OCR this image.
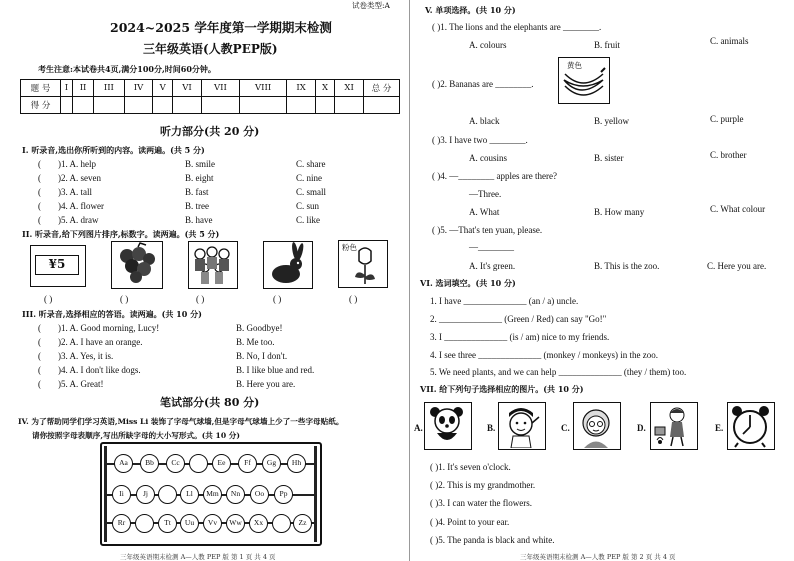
2024~2025 学年度第一学期期末检测
三年级英语(人教PEP版)
考生注意:本试卷共4页,满分100分,时间60分钟。
题 号	I	II	III	IV	V	VI	VII	VIII	IX	X	XI	总 分
得 分												
听力部分(共 20 分)
I. 听录音,选出你所听到的内容。读两遍。(共 5 分)
( )1. A. help	B. smile	C. share
( )2. A. seven	B. eight	C. nine
( )3. A. tall	B. fast	C. small
( )4. A. flower	B. tree	C. sun
( )5. A. draw	B. have	C. like
II. 听录音,给下列图片排序,标数字。读两遍。(共 5 分)
¥5
粉色
( )	( )	( )	( )	( )
III. 听录音,选择相应的答语。读两遍。(共 10 分)
( )1. A. Good morning, Lucy!	B. Goodbye!
( )2. A. I have an orange.	B. Me too.
( )3. A. Yes, it is.	B. No, I don't.
( )4. A. I don't like dogs.	B. I like blue and red.
( )5. A. Great!	B. Here you are.
笔试部分(共 80 分)
IV. 为了帮助同学们学习英语,Miss Li 装饰了字母气球墙,但是字母气球墙上少了一些字母贴纸。
请你按照字母表顺序,写出所缺字母的大小写形式。(共 10 分)
Aa	Bb	Cc	Ee	Ff	Gg	Hh
Ii	Jj	Ll	Mm	Nn	Oo	Pp
Rr	Tt	Uu	Vv	Ww	Xx	Zz
三年级英语期末检测 A—人教 PEP 版 第 1 页 共 4 页
试卷类型:A	V. 单项选择。(共 10 分)
( )1. The lions and the elephants are ________.
A. colours	B. fruit	C. animals
( )2. Bananas are ________.
黄色
A. black	B. yellow	C. purple
( )3. I have two ________.
A. cousins	B. sister	C. brother
( )4. —________ apples are there?
—Three.
A. What	B. How many	C. What colour
( )5. —That's ten yuan, please.
—________
A. It's green.	B. This is the zoo.	C. Here you are.
VI. 选词填空。(共 10 分)
1. I have ______________ (an / a) uncle.
2. ______________ (Green / Red) can say "Go!"
3. I ______________ (is / am) nice to my friends.
4. I see three ______________ (monkey / monkeys) in the zoo.
5. We need plants, and we can help ______________ (they / them) too.
VII. 给下列句子选择相应的图片。(共 10 分)
A.	B.	C.	D.	E.
( )1. It's seven o'clock.
( )2. This is my grandmother.
( )3. I can water the flowers.
( )4. Point to your ear.
( )5. The panda is black and white.
三年级英语期末检测 A—人教 PEP 版 第 2 页 共 4 页
